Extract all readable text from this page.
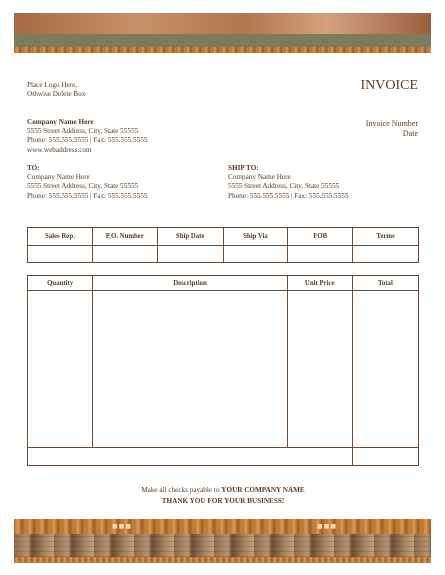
Place Logo Here,
Othwise Delete Box
INVOICE
Invoice Number
Date
Company Name Here
5555 Street Address, City, State 55555
Phone: 555.555.5555 | Fax: 555.555.5555
www.webaddress.com
TO:
Company Name Here
5555 Street Address, City, State 55555
Phone: 555.555.5555 | Fax: 555.555.5555
SHIP TO:
Company Name Here
5555 Street Address, City, State 55555
Phone: 555.555.5555 | Fax: 555.555.5555
Sales Rep.	P.O. Number	Ship Date	Ship Via	FOB	Terms

Quantity	Description	Unit Price	Total

Make all checks payable to YOUR COMPANY NAME
THANK YOU FOR YOUR BUSINESS!
■■■	■■■
